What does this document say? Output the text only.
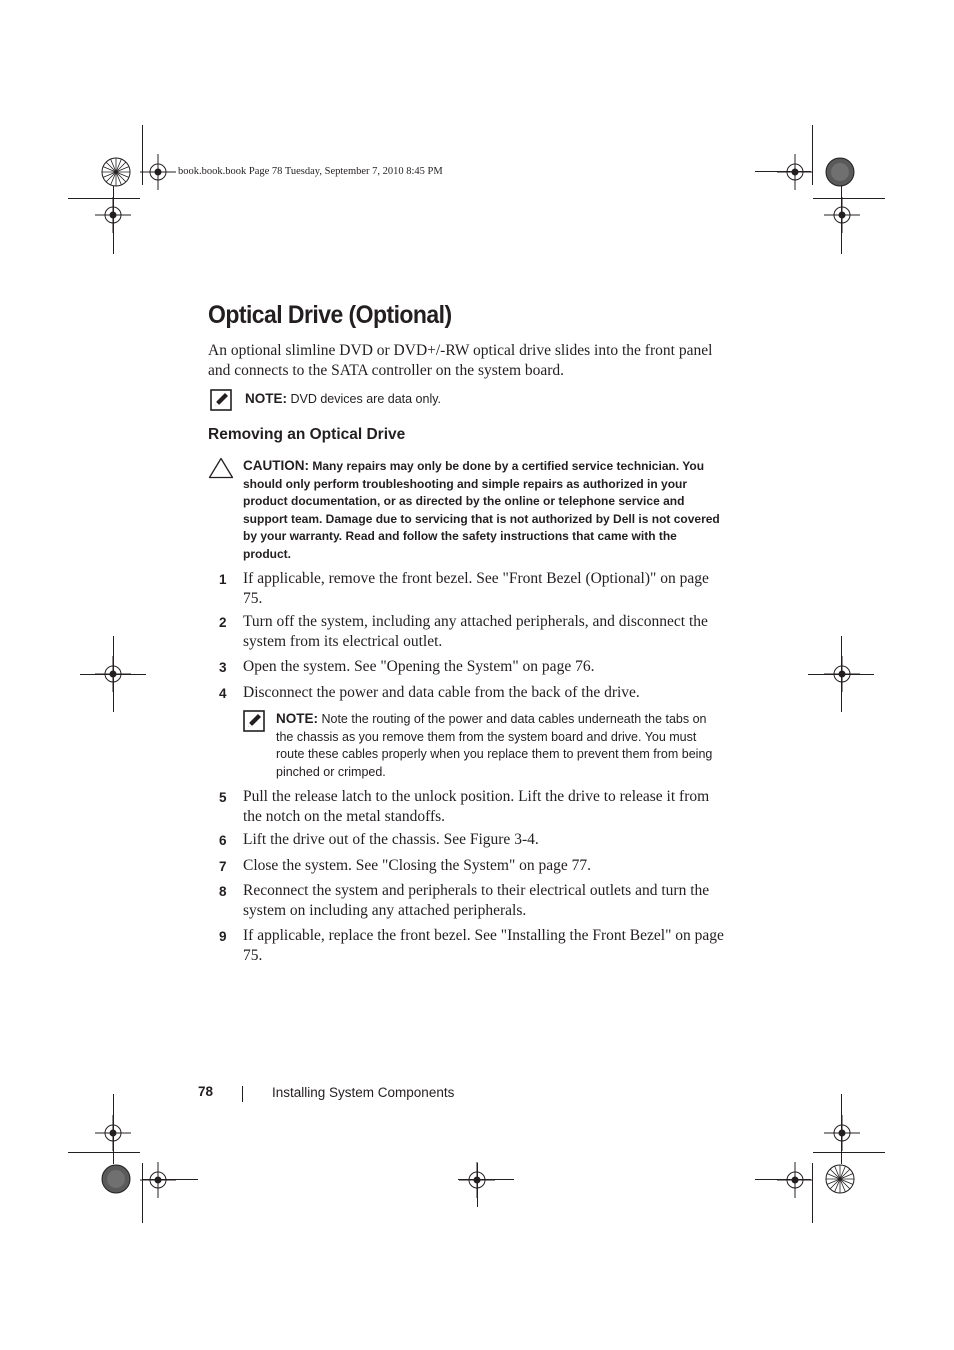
book.book.book Page 78 Tuesday, September 7, 2010 8:45 PM
Optical Drive (Optional)

An optional slimline DVD or DVD+/-RW optical drive slides into the front panel and connects to the SATA controller on the system board.

NOTE: DVD devices are data only.
Removing an Optical Drive
CAUTION: Many repairs may only be done by a certified service technician. You should only perform troubleshooting and simple repairs as authorized in your product documentation, or as directed by the online or telephone service and support team. Damage due to servicing that is not authorized by Dell is not covered by your warranty. Read and follow the safety instructions that came with the product.
1 If applicable, remove the front bezel. See "Front Bezel (Optional)" on page 75.
2 Turn off the system, including any attached peripherals, and disconnect the system from its electrical outlet.
3 Open the system. See "Opening the System" on page 76.
4 Disconnect the power and data cable from the back of the drive.
NOTE: Note the routing of the power and data cables underneath the tabs on the chassis as you remove them from the system board and drive. You must route these cables properly when you replace them to prevent them from being pinched or crimped.
5 Pull the release latch to the unlock position. Lift the drive to release it from the notch on the metal standoffs.
6 Lift the drive out of the chassis. See Figure 3-4.
7 Close the system. See "Closing the System" on page 77.
8 Reconnect the system and peripherals to their electrical outlets and turn the system on including any attached peripherals.
9 If applicable, replace the front bezel. See "Installing the Front Bezel" on page 75.
78	Installing System Components
